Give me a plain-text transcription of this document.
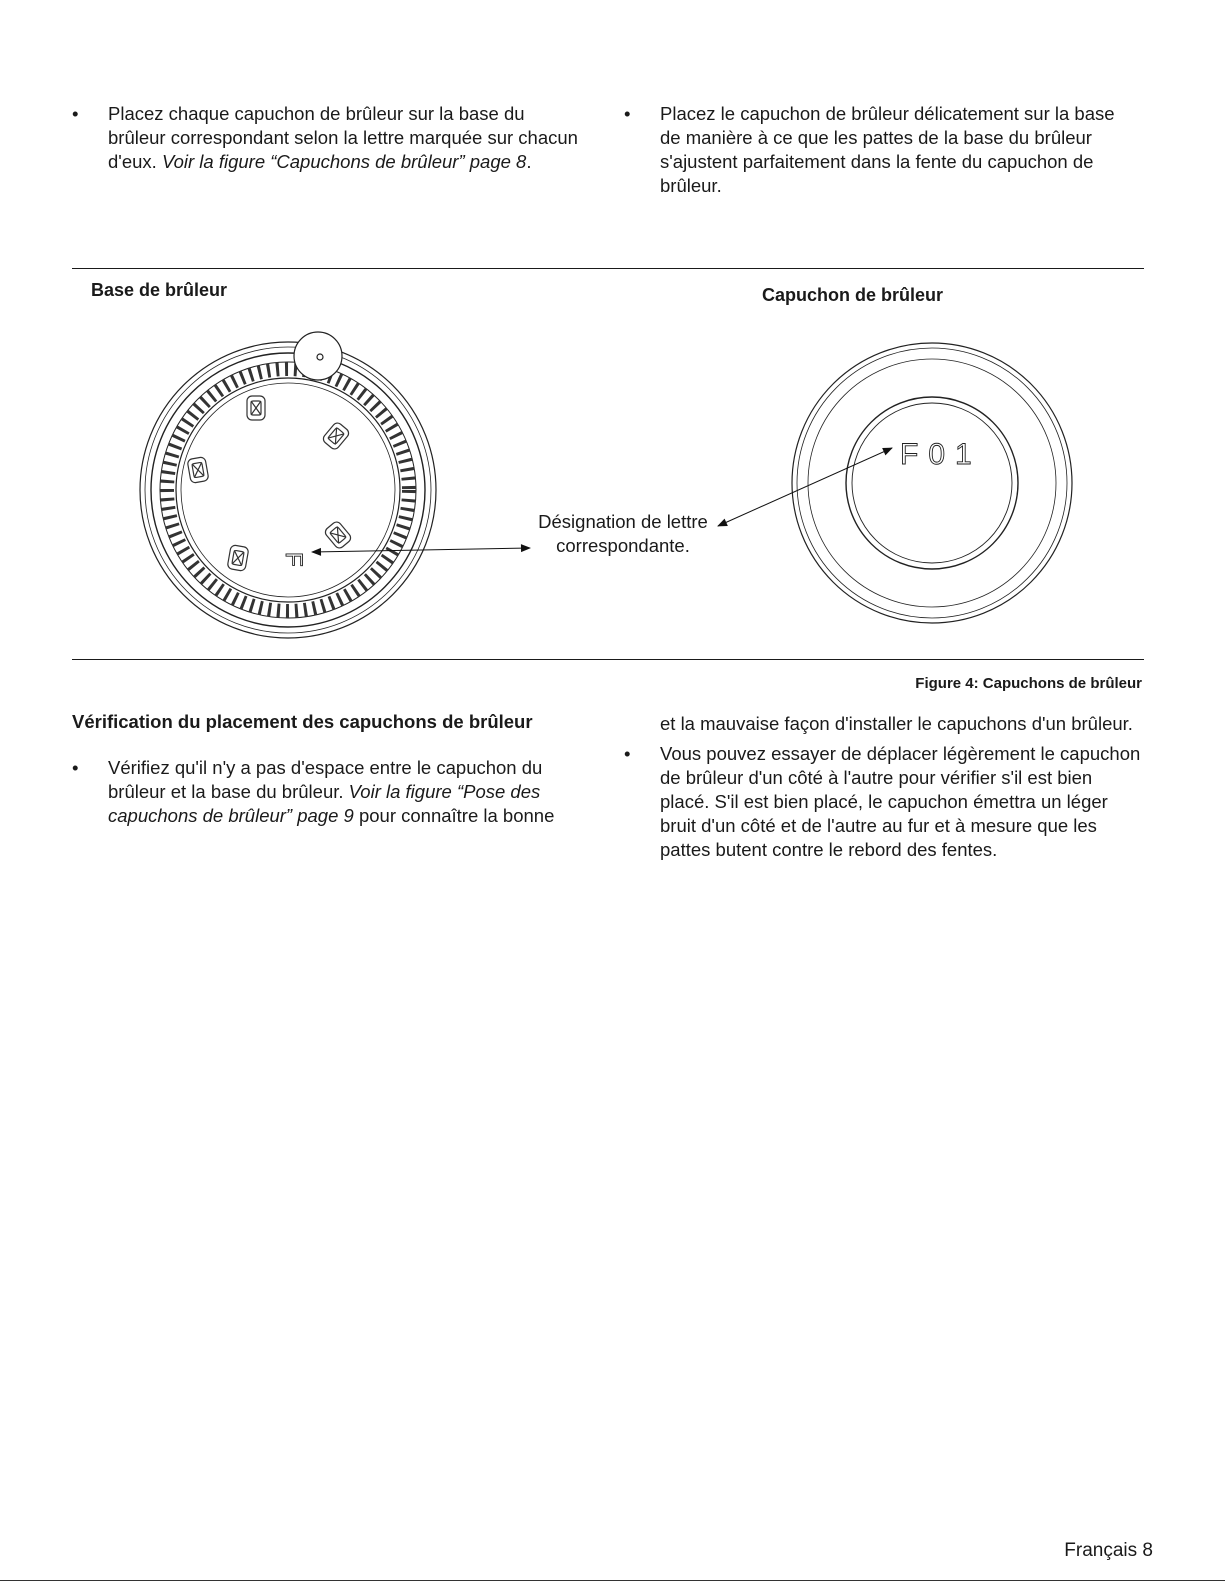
• Placez chaque capuchon de brûleur sur la base du brûleur correspondant selon la lettre marquée sur chacun d'eux. Voir la figure “Capuchons de brûleur” page 8.
• Placez le capuchon de brûleur délicatement sur la base de manière à ce que les pattes de la base du brûleur s'ajustent parfaitement dans la fente du capuchon de brûleur.
Base de brûleur	Capuchon de brûleur
F
F01
Désignation de lettre
correspondante.
Figure 4: Capuchons de brûleur
Vérification du placement des capuchons de brûleur
• Vérifiez qu'il n'y a pas d'espace entre le capuchon du brûleur et la base du brûleur. Voir la figure “Pose des capuchons de brûleur” page 9 pour connaître la bonne
et la mauvaise façon d'installer le capuchons d'un brûleur.
• Vous pouvez essayer de déplacer légèrement le capuchon de brûleur d'un côté à l'autre pour vérifier s'il est bien placé. S'il est bien placé, le capuchon émettra un léger bruit d'un côté et de l'autre au fur et à mesure que les pattes butent contre le rebord des fentes.
Français 8
